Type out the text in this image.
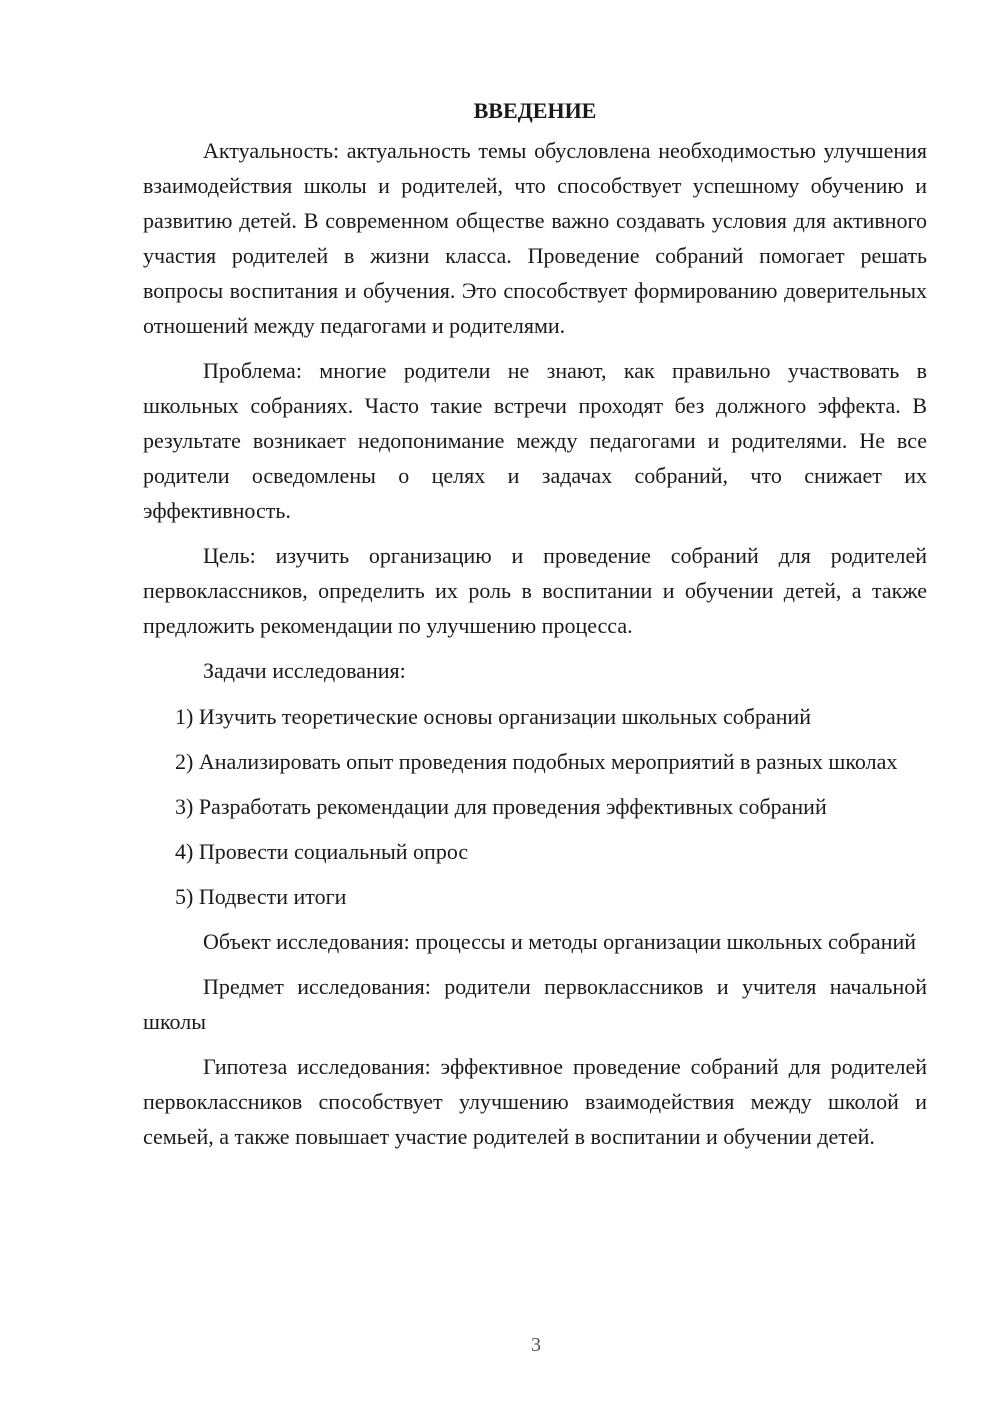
ВВЕДЕНИЕ

Актуальность: актуальность темы обусловлена необходимостью улучшения взаимодействия школы и родителей, что способствует успешному обучению и развитию детей. В современном обществе важно создавать условия для активного участия родителей в жизни класса. Проведение собраний помогает решать вопросы воспитания и обучения. Это способствует формированию доверительных отношений между педагогами и родителями.

Проблема: многие родители не знают, как правильно участвовать в школьных собраниях. Часто такие встречи проходят без должного эффекта. В результате возникает недопонимание между педагогами и родителями. Не все родители осведомлены о целях и задачах собраний, что снижает их эффективность.

Цель: изучить организацию и проведение собраний для родителей первоклассников, определить их роль в воспитании и обучении детей, а также предложить рекомендации по улучшению процесса.

Задачи исследования:

1) Изучить теоретические основы организации школьных собраний

2) Анализировать опыт проведения подобных мероприятий в разных школах

3) Разработать рекомендации для проведения эффективных собраний

4) Провести социальный опрос

5) Подвести итоги

Объект исследования: процессы и методы организации школьных собраний

Предмет исследования: родители первоклассников и учителя начальной школы

Гипотеза исследования: эффективное проведение собраний для родителей первоклассников способствует улучшению взаимодействия между школой и семьей, а также повышает участие родителей в воспитании и обучении детей.

3
